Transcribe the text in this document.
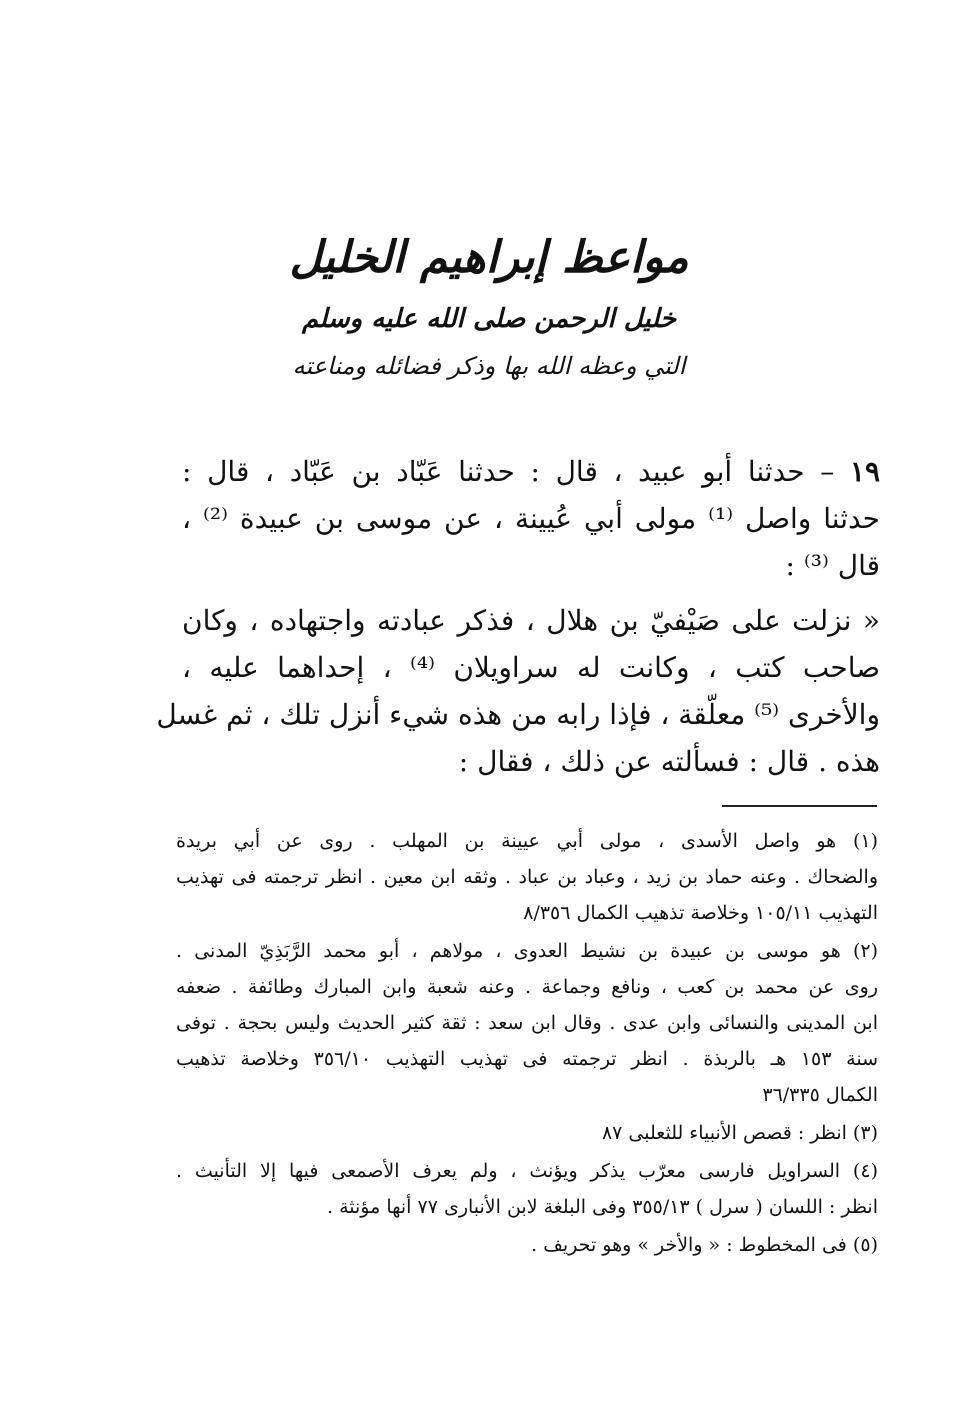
مواعظ إبراهيم الخليل
خليل الرحمن صلى الله عليه وسلم
التي وعظه الله بها وذكر فضائله ومناعته
١٩ – حدثنا أبو عبيد ، قال : حدثنا عَبّاد بن عَبّاد ، قال :
حدثنا واصل ⁽¹⁾ مولى أبي عُيينة ، عن موسى بن عبيدة ⁽²⁾ ،
قال ⁽³⁾ :
« نزلت على صَيْفيّ بن هلال ، فذكر عبادته واجتهاده ، وكان
صاحب كتب ، وكانت له سراويلان ⁽⁴⁾ ، إحداهما عليه ،
والأخرى ⁽⁵⁾ معلّقة ، فإذا رابه من هذه شيء أنزل تلك ، ثم غسل
هذه . قال : فسألته عن ذلك ، فقال :
(١) هو واصل الأسدى ، مولى أبي عيينة بن المهلب . روى عن أبي بريدة
والضحاك . وعنه حماد بن زيد ، وعباد بن عباد . وثقه ابن معين . انظر ترجمته فى تهذيب
التهذيب ١٠٥/١١ وخلاصة تذهيب الكمال ٨/٣٥٦
(٢) هو موسى بن عبيدة بن نشيط العدوى ، مولاهم ، أبو محمد الرَّبَذِيّ المدنى .
روى عن محمد بن كعب ، ونافع وجماعة . وعنه شعبة وابن المبارك وطائفة . ضعفه
ابن المدينى والنسائى وابن عدى . وقال ابن سعد : ثقة كثير الحديث وليس بحجة . توفى
سنة ١٥٣ هـ بالربذة . انظر ترجمته فى تهذيب التهذيب ٣٥٦/١٠ وخلاصة تذهيب
الكمال ٣٦/٣٣٥
(٣) انظر : قصص الأنبياء للثعلبى ٨٧
(٤) السراويل فارسى معرّب يذكر ويؤنث ، ولم يعرف الأصمعى فيها إلا التأنيث .
انظر : اللسان ( سرل ) ٣٥٥/١٣ وفى البلغة لابن الأنبارى ٧٧ أنها مؤنثة .
(٥) فى المخطوط : « والأخر » وهو تحريف .
